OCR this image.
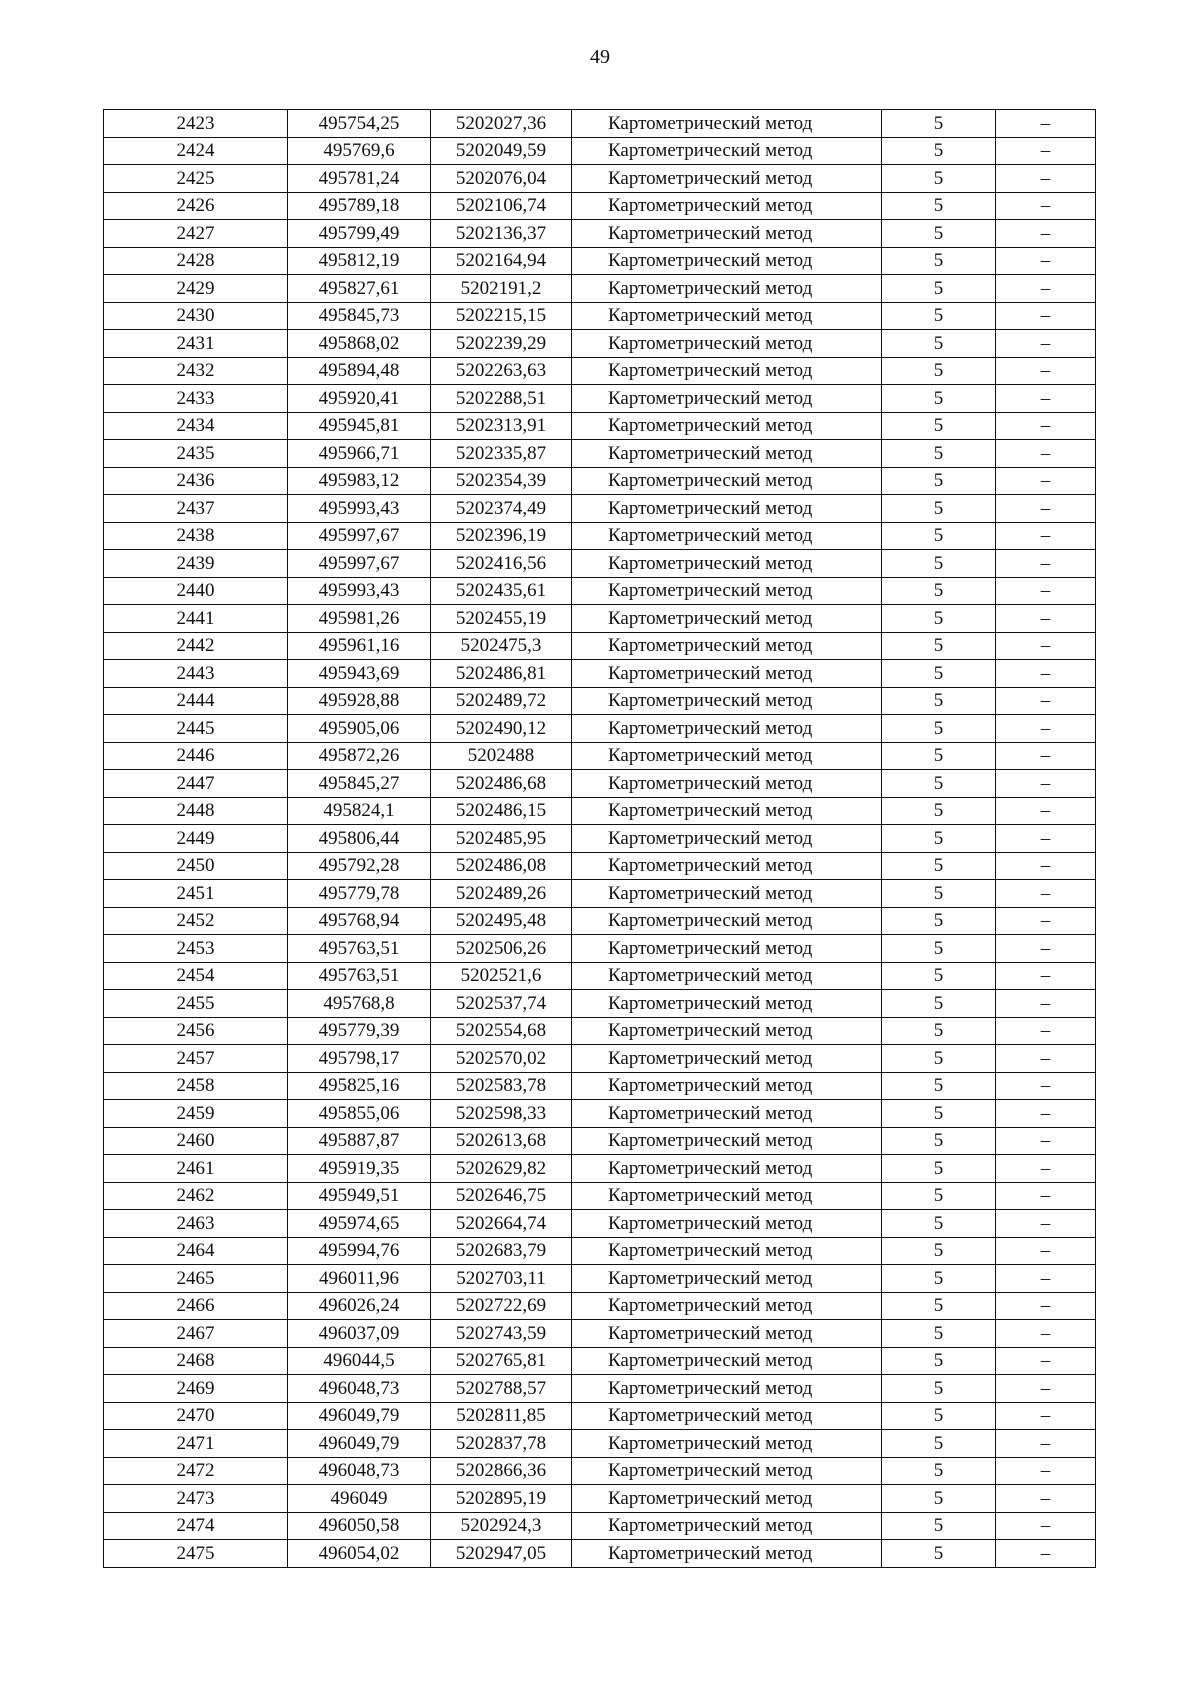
49
2423	495754,25	5202027,36	Картометрический метод	5	–
2424	495769,6	5202049,59	Картометрический метод	5	–
2425	495781,24	5202076,04	Картометрический метод	5	–
2426	495789,18	5202106,74	Картометрический метод	5	–
2427	495799,49	5202136,37	Картометрический метод	5	–
2428	495812,19	5202164,94	Картометрический метод	5	–
2429	495827,61	5202191,2	Картометрический метод	5	–
2430	495845,73	5202215,15	Картометрический метод	5	–
2431	495868,02	5202239,29	Картометрический метод	5	–
2432	495894,48	5202263,63	Картометрический метод	5	–
2433	495920,41	5202288,51	Картометрический метод	5	–
2434	495945,81	5202313,91	Картометрический метод	5	–
2435	495966,71	5202335,87	Картометрический метод	5	–
2436	495983,12	5202354,39	Картометрический метод	5	–
2437	495993,43	5202374,49	Картометрический метод	5	–
2438	495997,67	5202396,19	Картометрический метод	5	–
2439	495997,67	5202416,56	Картометрический метод	5	–
2440	495993,43	5202435,61	Картометрический метод	5	–
2441	495981,26	5202455,19	Картометрический метод	5	–
2442	495961,16	5202475,3	Картометрический метод	5	–
2443	495943,69	5202486,81	Картометрический метод	5	–
2444	495928,88	5202489,72	Картометрический метод	5	–
2445	495905,06	5202490,12	Картометрический метод	5	–
2446	495872,26	5202488	Картометрический метод	5	–
2447	495845,27	5202486,68	Картометрический метод	5	–
2448	495824,1	5202486,15	Картометрический метод	5	–
2449	495806,44	5202485,95	Картометрический метод	5	–
2450	495792,28	5202486,08	Картометрический метод	5	–
2451	495779,78	5202489,26	Картометрический метод	5	–
2452	495768,94	5202495,48	Картометрический метод	5	–
2453	495763,51	5202506,26	Картометрический метод	5	–
2454	495763,51	5202521,6	Картометрический метод	5	–
2455	495768,8	5202537,74	Картометрический метод	5	–
2456	495779,39	5202554,68	Картометрический метод	5	–
2457	495798,17	5202570,02	Картометрический метод	5	–
2458	495825,16	5202583,78	Картометрический метод	5	–
2459	495855,06	5202598,33	Картометрический метод	5	–
2460	495887,87	5202613,68	Картометрический метод	5	–
2461	495919,35	5202629,82	Картометрический метод	5	–
2462	495949,51	5202646,75	Картометрический метод	5	–
2463	495974,65	5202664,74	Картометрический метод	5	–
2464	495994,76	5202683,79	Картометрический метод	5	–
2465	496011,96	5202703,11	Картометрический метод	5	–
2466	496026,24	5202722,69	Картометрический метод	5	–
2467	496037,09	5202743,59	Картометрический метод	5	–
2468	496044,5	5202765,81	Картометрический метод	5	–
2469	496048,73	5202788,57	Картометрический метод	5	–
2470	496049,79	5202811,85	Картометрический метод	5	–
2471	496049,79	5202837,78	Картометрический метод	5	–
2472	496048,73	5202866,36	Картометрический метод	5	–
2473	496049	5202895,19	Картометрический метод	5	–
2474	496050,58	5202924,3	Картометрический метод	5	–
2475	496054,02	5202947,05	Картометрический метод	5	–
